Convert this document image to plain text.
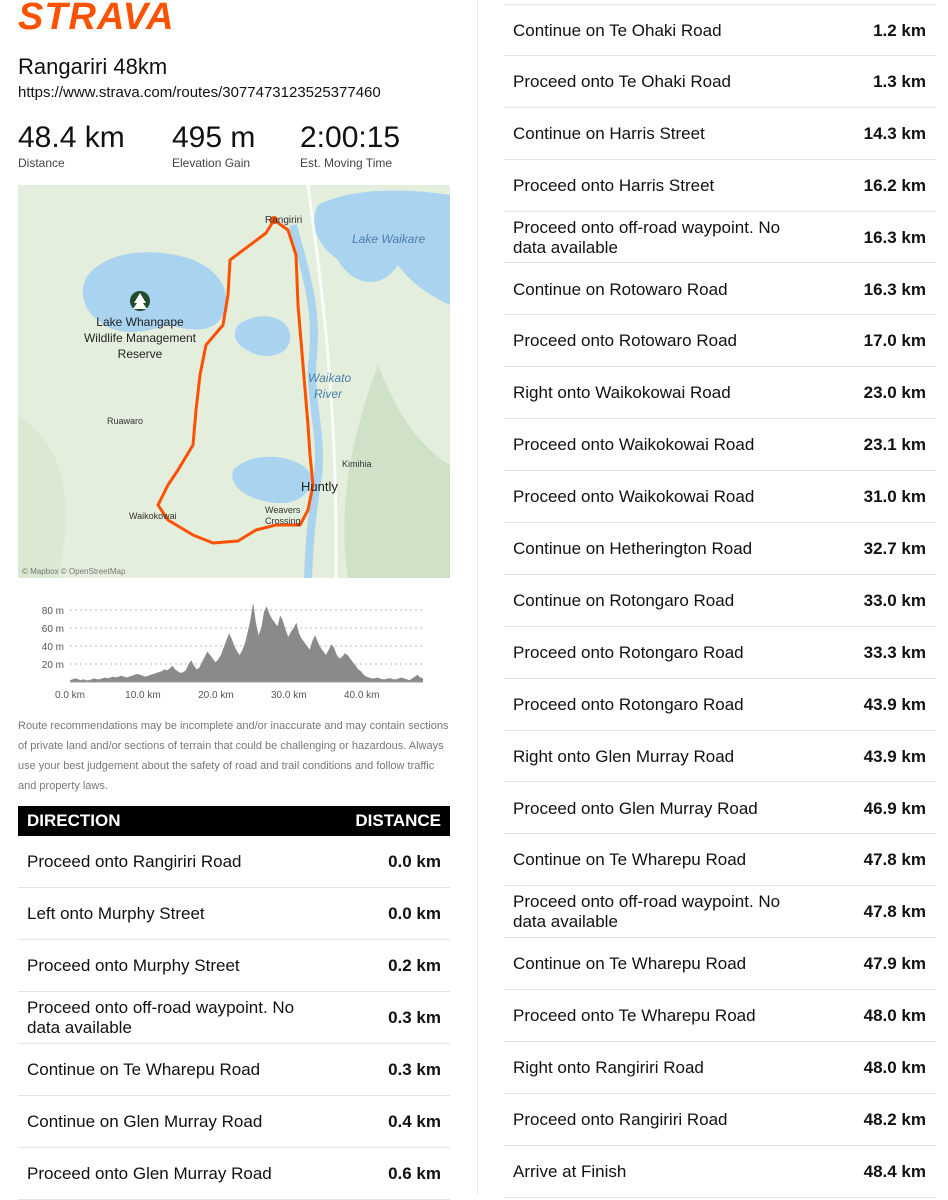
STRAVA
Rangariri 48km
https://www.strava.com/routes/3077473123525377460
48.4 km
Distance
495 m
Elevation Gain
2:00:15
Est. Moving Time
Rangiriri
Lake Waikare
Lake Whangape
Wildlife Management
Reserve
Waikato
River
Ruawaro
Kimihia
Huntly
Waikokowai
Weavers
Crossing
© Mapbox © OpenStreetMap
80 m
60 m
40 m
20 m
0.0 km	10.0 km	20.0 km	30.0 km	40.0 km
Route recommendations may be incomplete and/or inaccurate and may contain sections of private land and/or sections of terrain that could be challenging or hazardous. Always use your best judgement about the safety of road and trail conditions and follow traffic and property laws.
DIRECTION	DISTANCE
Proceed onto Rangiriri Road	0.0 km
Left onto Murphy Street	0.0 km
Proceed onto Murphy Street	0.2 km
Proceed onto off-road waypoint. No data available
0.3 km
Continue on Te Wharepu Road	0.3 km
Continue on Glen Murray Road	0.4 km
Proceed onto Glen Murray Road	0.6 km
Continue on Te Ohaki Road	1.2 km
Proceed onto Te Ohaki Road	1.3 km
Continue on Harris Street	14.3 km
Proceed onto Harris Street	16.2 km
Proceed onto off-road waypoint. No data available
16.3 km
Continue on Rotowaro Road	16.3 km
Proceed onto Rotowaro Road	17.0 km
Right onto Waikokowai Road	23.0 km
Proceed onto Waikokowai Road	23.1 km
Proceed onto Waikokowai Road	31.0 km
Continue on Hetherington Road	32.7 km
Continue on Rotongaro Road	33.0 km
Proceed onto Rotongaro Road	33.3 km
Proceed onto Rotongaro Road	43.9 km
Right onto Glen Murray Road	43.9 km
Proceed onto Glen Murray Road	46.9 km
Continue on Te Wharepu Road	47.8 km
Proceed onto off-road waypoint. No data available
47.8 km
Continue on Te Wharepu Road	47.9 km
Proceed onto Te Wharepu Road	48.0 km
Right onto Rangiriri Road	48.0 km
Proceed onto Rangiriri Road	48.2 km
Arrive at Finish	48.4 km
